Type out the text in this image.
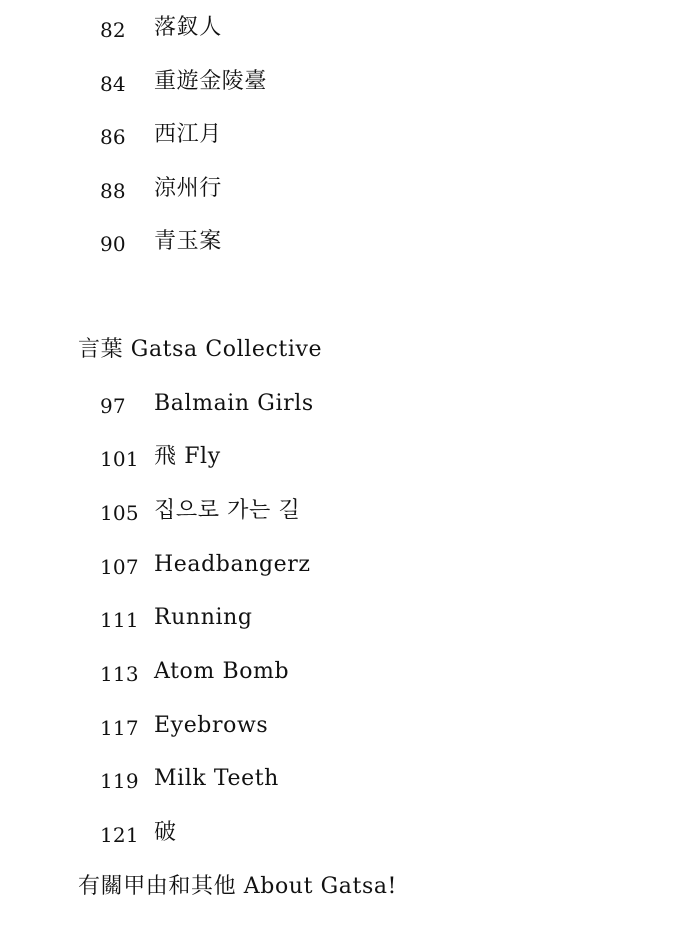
82 落釵人
84 重遊金陵臺
86 西江月
88 涼州行
90 青玉案
言葉 Gatsa Collective
97 Balmain Girls
101 飛 Fly
105 집으로 가는 길
107 Headbangerz
111 Running
113 Atom Bomb
117 Eyebrows
119 Milk Teeth
121 破
有關甲由和其他 About Gatsa!
